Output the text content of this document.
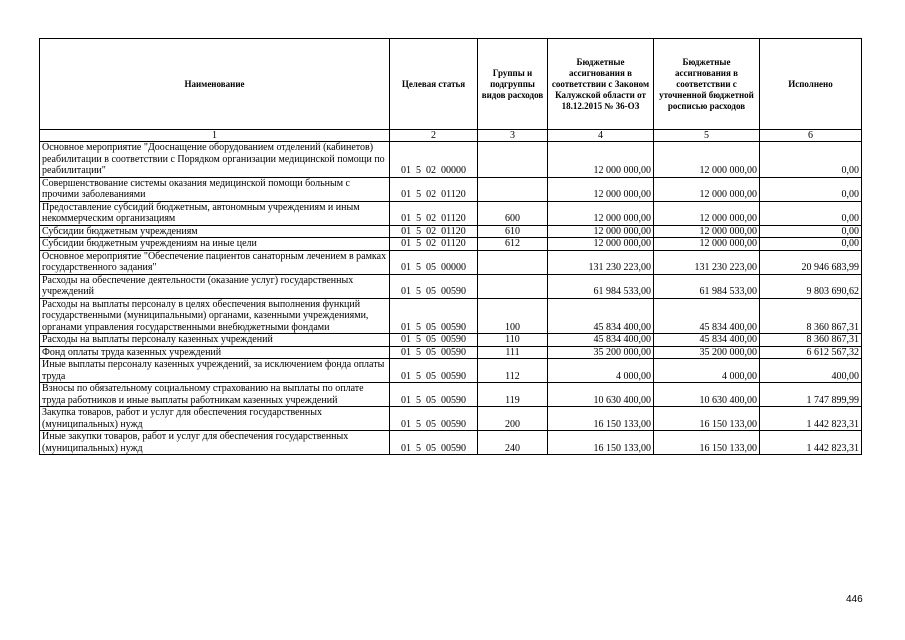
Наименование	Целевая статья	Группы и подгруппы видов расходов	Бюджетные ассигнования в соответствии с Законом Калужской области от 18.12.2015 № 36-ОЗ	Бюджетные ассигнования в соответствии с уточненной бюджетной росписью расходов	Исполнено
1	2	3	4	5	6
Основное мероприятие "Дооснащение оборудованием отделений (кабинетов) реабилитации в соответствии с Порядком организации медицинской помощи по реабилитации"	01  5  02  00000		12 000 000,00	12 000 000,00	0,00
Совершенствование системы оказания медицинской помощи больным с прочими заболеваниями	01  5  02  01120		12 000 000,00	12 000 000,00	0,00
Предоставление субсидий бюджетным, автономным учреждениям и иным некоммерческим организациям	01  5  02  01120	600	12 000 000,00	12 000 000,00	0,00
Субсидии бюджетным учреждениям	01  5  02  01120	610	12 000 000,00	12 000 000,00	0,00
Субсидии бюджетным учреждениям на иные цели	01  5  02  01120	612	12 000 000,00	12 000 000,00	0,00
Основное мероприятие "Обеспечение пациентов санаторным лечением в рамках государственного задания"	01  5  05  00000		131 230 223,00	131 230 223,00	20 946 683,99
Расходы на обеспечение деятельности (оказание услуг) государственных учреждений	01  5  05  00590		61 984 533,00	61 984 533,00	9 803 690,62
Расходы на выплаты персоналу в целях обеспечения выполнения функций государственными (муниципальными) органами, казенными учреждениями, органами управления государственными внебюджетными фондами	01  5  05  00590	100	45 834 400,00	45 834 400,00	8 360 867,31
Расходы на выплаты персоналу казенных учреждений	01  5  05  00590	110	45 834 400,00	45 834 400,00	8 360 867,31
Фонд оплаты труда казенных учреждений	01  5  05  00590	111	35 200 000,00	35 200 000,00	6 612 567,32
Иные выплаты персоналу казенных учреждений, за исключением фонда оплаты труда	01  5  05  00590	112	4 000,00	4 000,00	400,00
Взносы по обязательному социальному страхованию на выплаты по оплате труда работников и иные выплаты работникам казенных учреждений	01  5  05  00590	119	10 630 400,00	10 630 400,00	1 747 899,99
Закупка товаров, работ и услуг для обеспечения государственных (муниципальных) нужд	01  5  05  00590	200	16 150 133,00	16 150 133,00	1 442 823,31
Иные закупки товаров, работ и услуг для обеспечения государственных (муниципальных) нужд	01  5  05  00590	240	16 150 133,00	16 150 133,00	1 442 823,31
446
